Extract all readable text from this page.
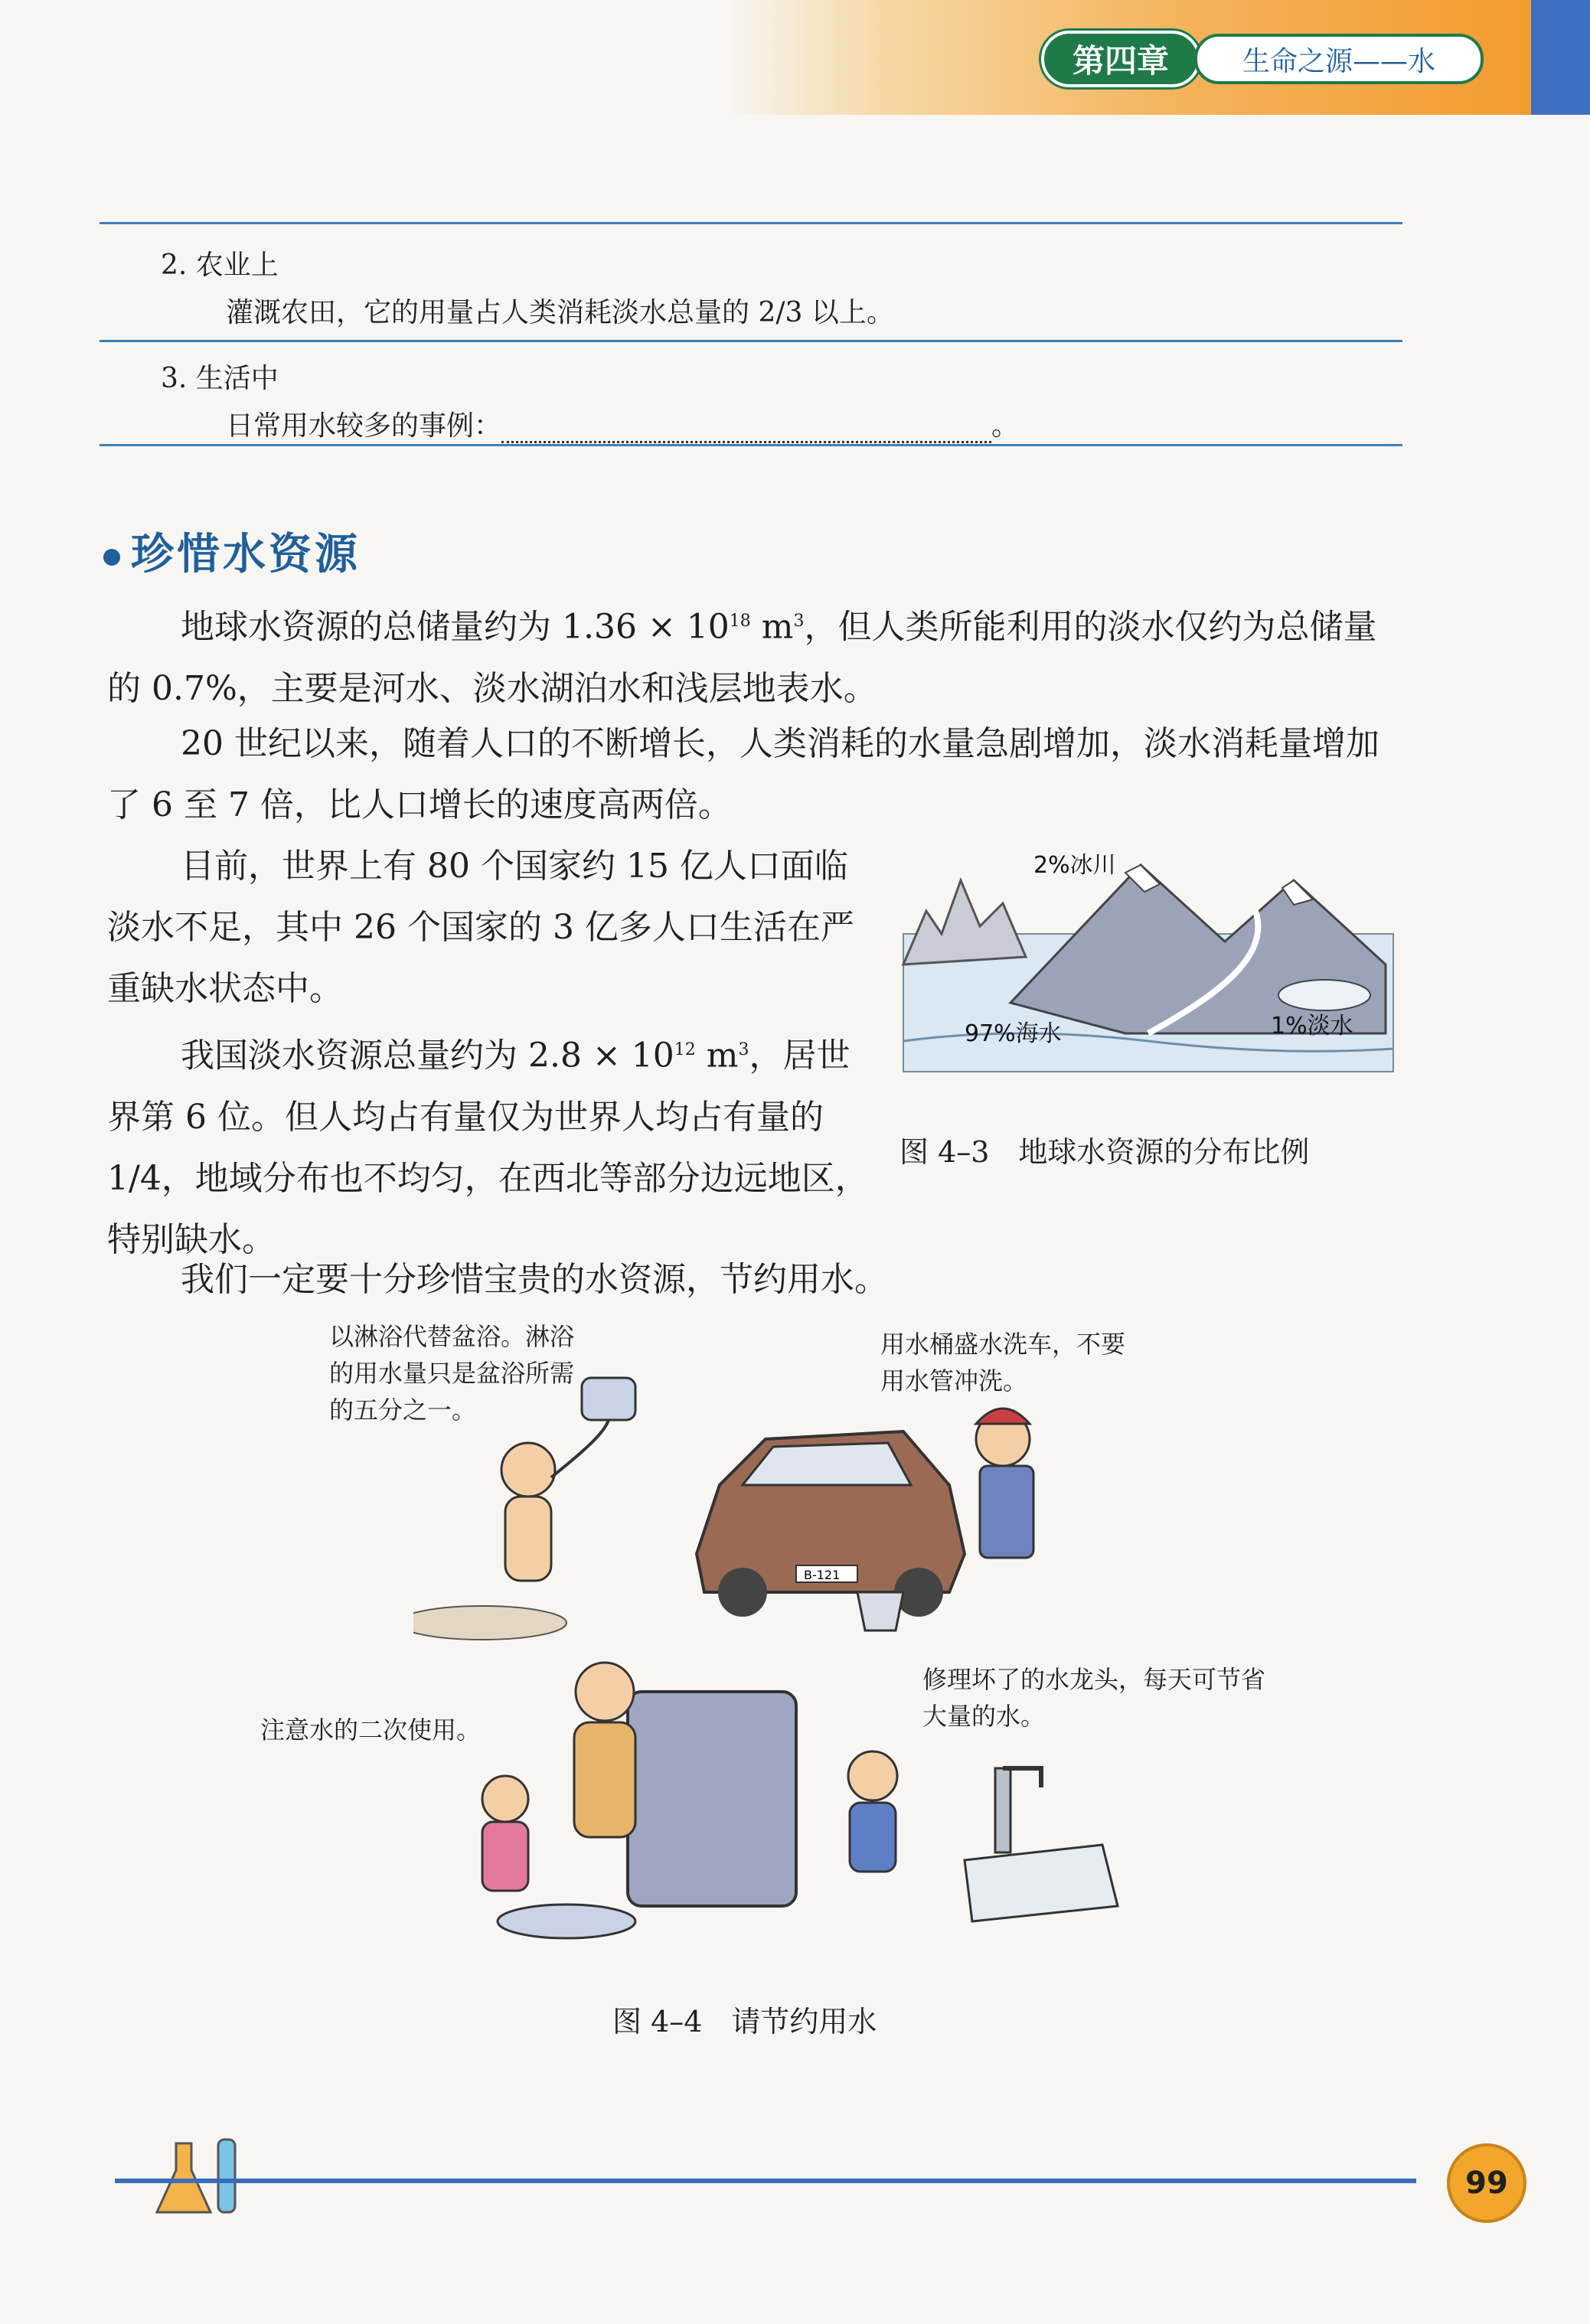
第四章	生命之源——水
2. 农业上
灌溉农田，它的用量占人类消耗淡水总量的 2/3 以上。
3. 生活中
日常用水较多的事例：	。
珍惜水资源
地球水资源的总储量约为 $1.36 \times 10^{18}$ $m^3$，但人类所能利用的淡水仅约为总储量的 0.7%，主要是河水、淡水湖泊水和浅层地表水。
20 世纪以来，随着人口的不断增长，人类消耗的水量急剧增加，淡水消耗量增加了 6 至 7 倍，比人口增长的速度高两倍。
目前，世界上有 80 个国家约 15 亿人口面临淡水不足，其中 26 个国家的 3 亿多人口生活在严重缺水状态中。
我国淡水资源总量约为 $2.8 \times 10^{12}$ $m^3$，居世界第 6 位。但人均占有量仅为世界人均占有量的1/4，地域分布也不均匀，在西北等部分边远地区，特别缺水。
我们一定要十分珍惜宝贵的水资源，节约用水。
2%冰川
97%海水	1%淡水
图 4–3　地球水资源的分布比例
以淋浴代替盆浴。淋浴的用水量只是盆浴所需的五分之一。
用水桶盛水洗车，不要用水管冲洗。
注意水的二次使用。
修理坏了的水龙头，每天可节省大量的水。
B-121
图 4–4　请节约用水
99
